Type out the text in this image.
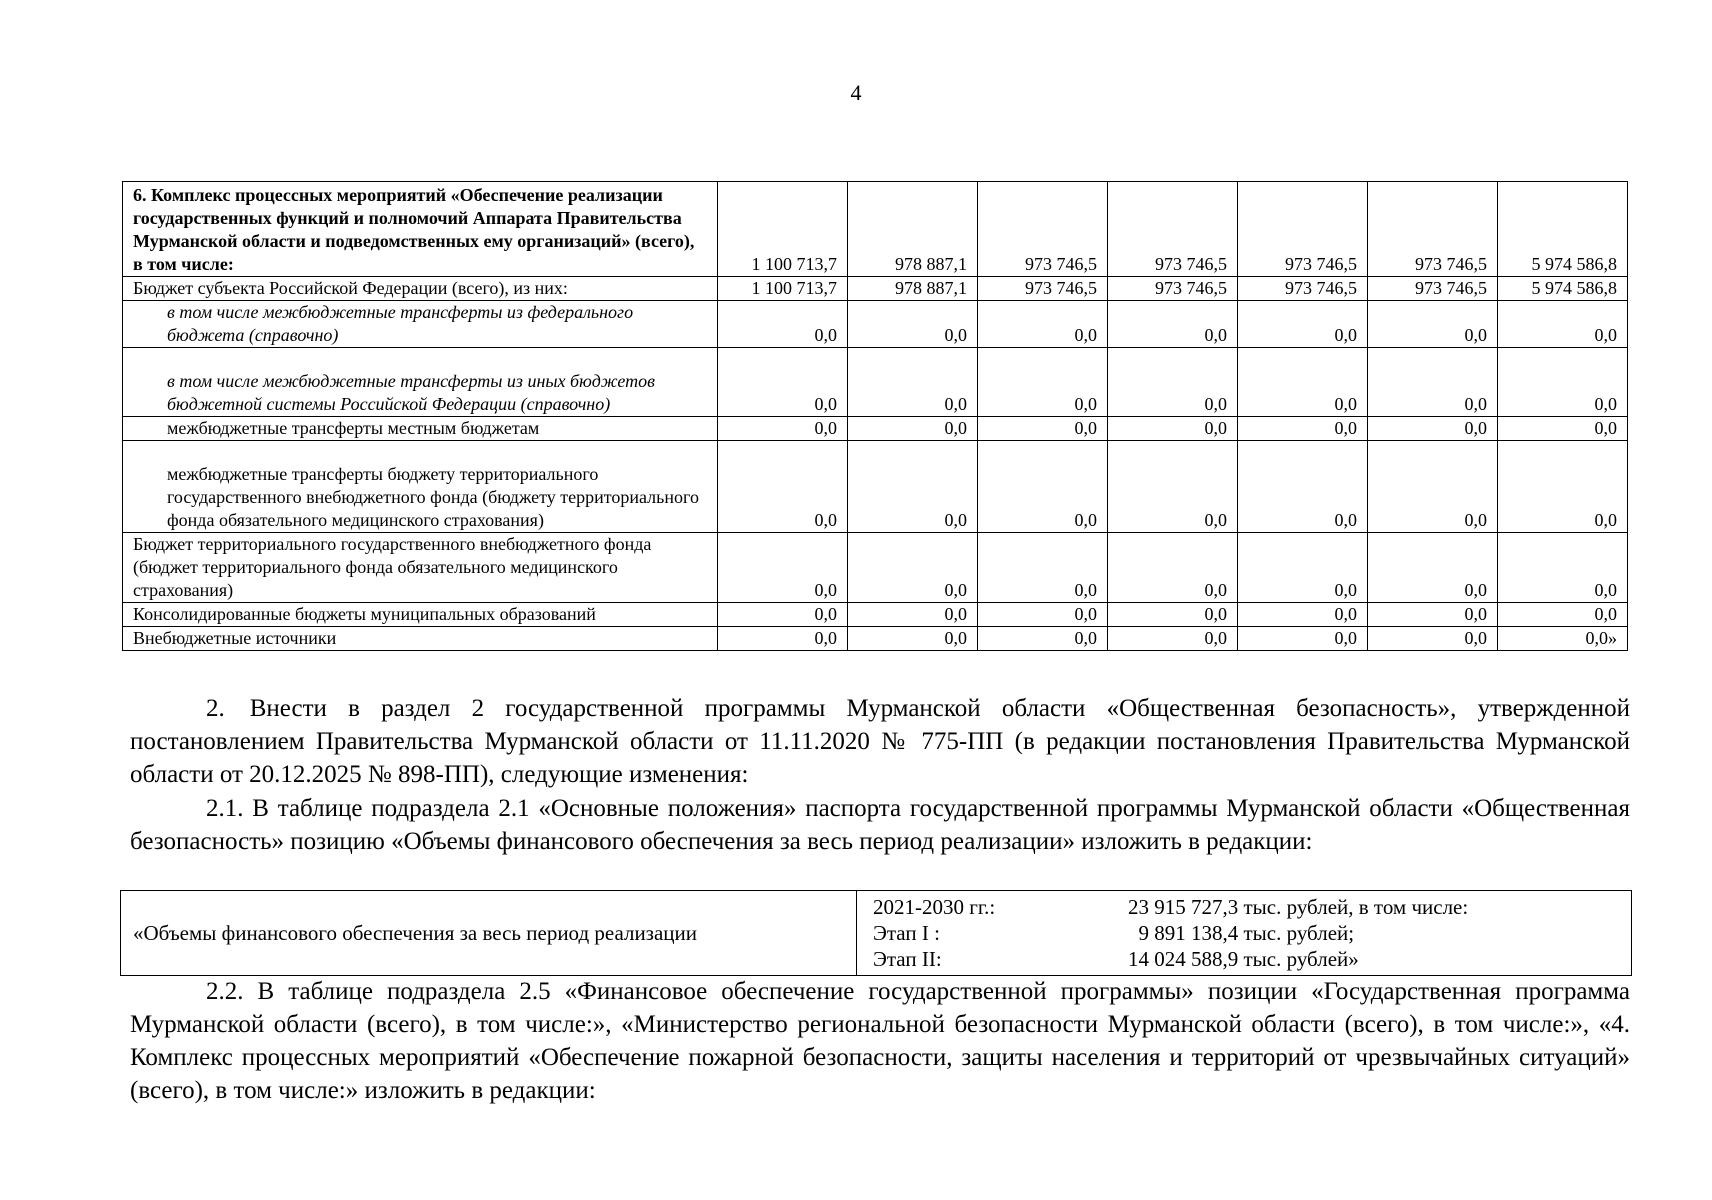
4
6. Комплекс процессных мероприятий «Обеспечение реализации государственных функций и полномочий Аппарата Правительства Мурманской области и подведомственных ему организаций» (всего), в том числе:	1 100 713,7	978 887,1	973 746,5	973 746,5	973 746,5	973 746,5	5 974 586,8
Бюджет субъекта Российской Федерации (всего), из них:	1 100 713,7	978 887,1	973 746,5	973 746,5	973 746,5	973 746,5	5 974 586,8
в том числе межбюджетные трансферты из федерального бюджета (справочно)	0,0	0,0	0,0	0,0	0,0	0,0	0,0
в том числе межбюджетные трансферты из иных бюджетов бюджетной системы Российской Федерации (справочно)	0,0	0,0	0,0	0,0	0,0	0,0	0,0
межбюджетные трансферты местным бюджетам	0,0	0,0	0,0	0,0	0,0	0,0	0,0
межбюджетные трансферты бюджету территориального государственного внебюджетного фонда (бюджету территориального фонда обязательного медицинского страхования)	0,0	0,0	0,0	0,0	0,0	0,0	0,0
Бюджет территориального государственного внебюджетного фонда (бюджет территориального фонда обязательного медицинского страхования)	0,0	0,0	0,0	0,0	0,0	0,0	0,0
Консолидированные бюджеты муниципальных образований	0,0	0,0	0,0	0,0	0,0	0,0	0,0
Внебюджетные источники	0,0	0,0	0,0	0,0	0,0	0,0	0,0»

2. Внести в раздел 2 государственной программы Мурманской области «Общественная безопасность», утвержденной постановлением Правительства Мурманской области от 11.11.2020 № 775-ПП (в редакции постановления Правительства Мурманской области от 20.12.2025 № 898-ПП), следующие изменения:

2.1. В таблице подраздела 2.1 «Основные положения» паспорта государственной программы Мурманской области «Общественная безопасность» позицию «Объемы финансового обеспечения за весь период реализации» изложить в редакции:

«Объемы финансового обеспечения за весь период реализации	
2021-2030 гг.:	23 915 727,3 тыс. рублей, в том числе:
Этап I :	9 891 138,4 тыс. рублей;
Этап II:	14 024 588,9 тыс. рублей»

2.2. В таблице подраздела 2.5 «Финансовое обеспечение государственной программы» позиции «Государственная программа Мурманской области (всего), в том числе:», «Министерство региональной безопасности Мурманской области (всего), в том числе:», «4. Комплекс процессных мероприятий «Обеспечение пожарной безопасности, защиты населения и территорий от чрезвычайных ситуаций» (всего), в том числе:» изложить в редакции:
